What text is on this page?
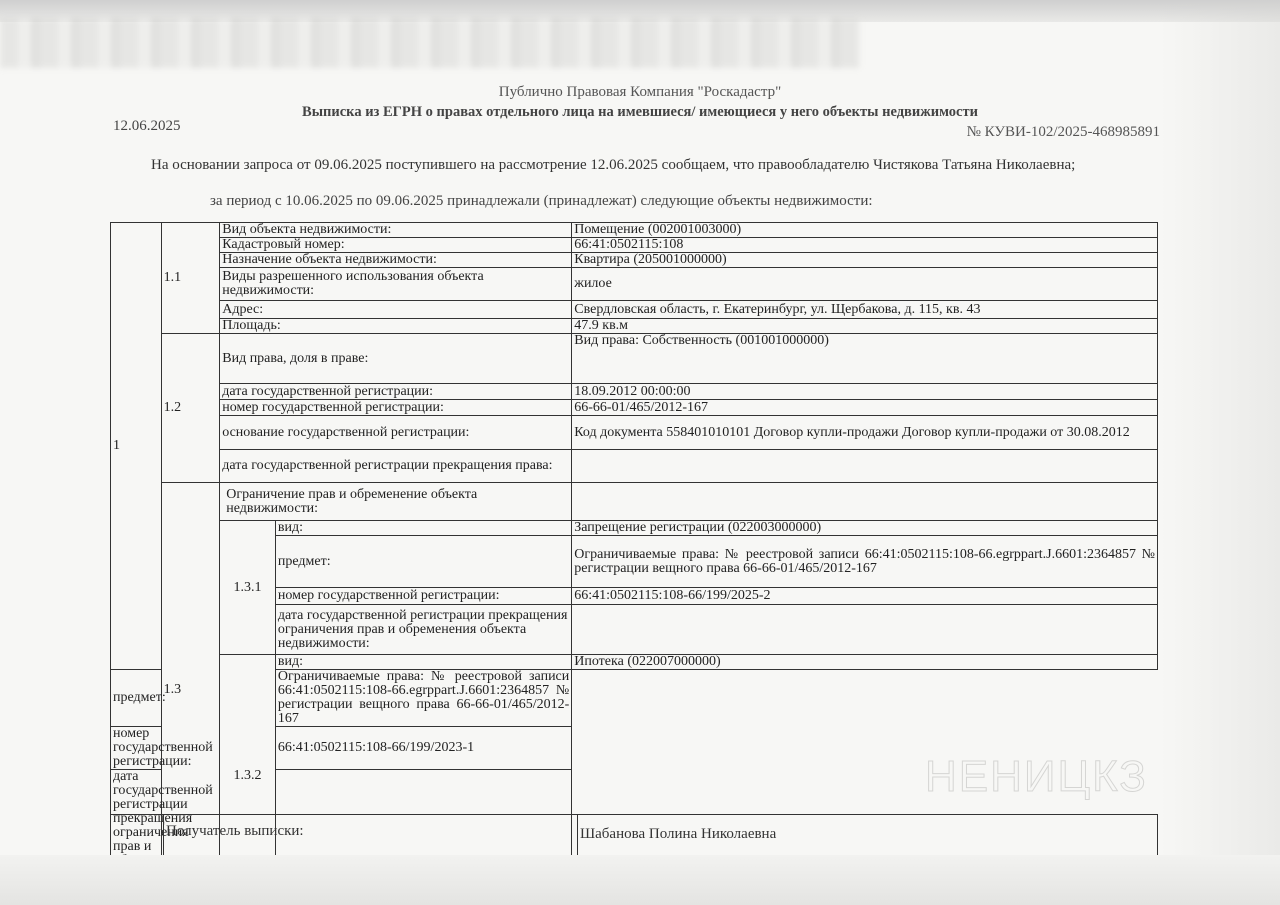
Публично Правовая Компания "Роскадастр"
Выписка из ЕГРН о правах отдельного лица на имевшиеся/ имеющиеся у него объекты недвижимости
12.06.2025	№ КУВИ-102/2025-468985891
На основании запроса от 09.06.2025 поступившего на рассмотрение 12.06.2025 сообщаем, что правообладателю Чистякова Татьяна Николаевна;
за период с 10.06.2025 по 09.06.2025 принадлежали (принадлежат) следующие объекты недвижимости:
1	1.1	Вид объекта недвижимости:		Помещение (002001003000)
		Кадастровый номер:		66:41:0502115:108
		Назначение объекта недвижимости:		Квартира (205001000000)
		Виды разрешенного использования объекта недвижимости:		жилое
		Адрес:		Свердловская область, г. Екатеринбург, ул. Щербакова, д. 115, кв. 43
		Площадь:		47.9 кв.м
	1.2	Вид права, доля в праве:		Вид права: Собственность (001001000000)
		дата государственной регистрации:		18.09.2012 00:00:00
		номер государственной регистрации:		66-66-01/465/2012-167
		основание государственной регистрации:		Код документа 558401010101 Договор купли-продажи Договор купли-продажи от 30.08.2012
		дата государственной регистрации прекращения права:		
	1.3	Ограничение прав и обременение объекта недвижимости:		
		1.3.1	вид:	Запрещение регистрации (022003000000)
			предмет:	Ограничиваемые права: № реестровой записи 66:41:0502115:108-66.egrppart.J.6601:2364857 № регистрации вещного права 66-66-01/465/2012-167
			номер государственной регистрации:	66:41:0502115:108-66/199/2025-2
			дата государственной регистрации прекращения ограничения прав и обременения объекта недвижимости:	
		1.3.2	вид:	Ипотека (022007000000)
предмет:			Ограничиваемые права: № реестровой записи 66:41:0502115:108-66.egrppart.J.6601:2364857 № регистрации вещного права 66-66-01/465/2012-167	
номер государственной регистрации:			66:41:0502115:108-66/199/2023-1	
дата государственной регистрации прекращения ограничения прав и				
Получатель выписки:	Шабанова Полина Николаевна
НЕНИЦКЗ
